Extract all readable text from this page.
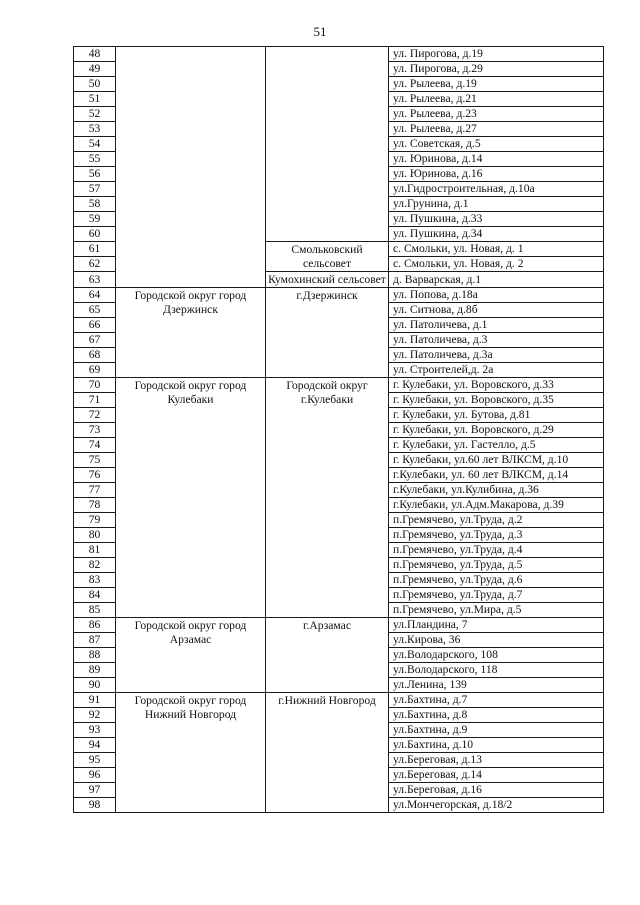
51
48			ул. Пирогова, д.19
49			ул. Пирогова, д.29
50			ул. Рылеева, д.19
51			ул. Рылеева, д.21
52			ул. Рылеева, д.23
53			ул. Рылеева, д.27
54			ул. Советская, д.5
55			ул. Юринова, д.14
56			ул. Юринова, д.16
57			ул.Гидростроительная, д.10а
58			ул.Грунина, д.1
59			ул. Пушкина, д.33
60			ул. Пушкина, д.34
61		Смольковский сельсовет	с. Смольки, ул. Новая, д. 1
62			с. Смольки, ул. Новая, д. 2
63		Кумохинский сельсовет	д. Варварская, д.1
64	Городской округ город Дзержинск	г.Дзержинск	ул. Попова, д.18а
65			ул. Ситнова, д.8б
66			ул. Патоличева, д.1
67			ул. Патоличева, д.3
68			ул. Патоличева, д.3а
69			ул. Строителей,д. 2а
70	Городской округ город Кулебаки	Городской округ г.Кулебаки	г. Кулебаки, ул. Воровского, д.33
71			г. Кулебаки, ул. Воровского, д.35
72			г. Кулебаки, ул. Бутова, д.81
73			г. Кулебаки, ул. Воровского, д.29
74			г. Кулебаки, ул. Гастелло, д.5
75			г. Кулебаки, ул.60 лет ВЛКСМ, д.10
76			г.Кулебаки, ул. 60 лет ВЛКСМ, д.14
77			г.Кулебаки, ул.Кулибина, д.36
78			г.Кулебаки, ул.Адм.Макарова, д.39
79			п.Гремячево, ул.Труда, д.2
80			п.Гремячево, ул.Труда, д.3
81			п.Гремячево, ул.Труда, д.4
82			п.Гремячево, ул.Труда, д.5
83			п.Гремячево, ул.Труда, д.6
84			п.Гремячево, ул.Труда, д.7
85			п.Гремячево, ул.Мира, д.5
86	Городской округ город Арзамас	г.Арзамас	ул.Пландина, 7
87			ул.Кирова, 36
88			ул.Володарского, 108
89			ул.Володарского, 118
90			ул.Ленина, 139
91	Городской округ город Нижний Новгород	г.Нижний Новгород	ул.Бахтина, д.7
92			ул.Бахтина, д.8
93			ул.Бахтина, д.9
94			ул.Бахтина, д.10
95			ул.Береговая, д.13
96			ул.Береговая, д.14
97			ул.Береговая, д.16
98			ул.Мончегорская, д.18/2
